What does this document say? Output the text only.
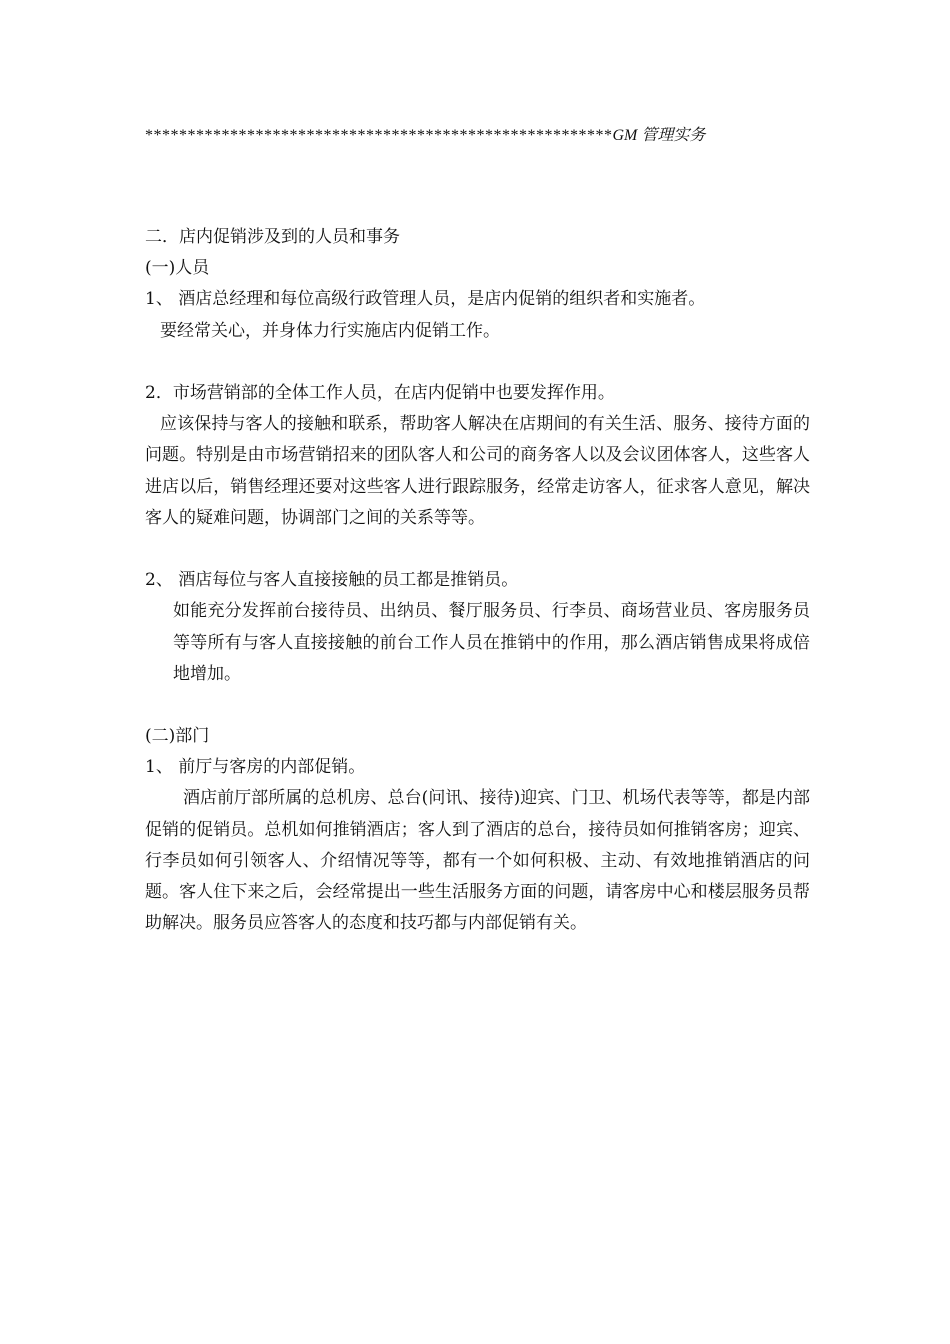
*******************************************************GM 管理实务
二．店内促销涉及到的人员和事务
(一)人员
1、 酒店总经理和每位高级行政管理人员，是店内促销的组织者和实施者。
要经常关心，并身体力行实施店内促销工作。
2．市场营销部的全体工作人员，在店内促销中也要发挥作用。
应该保持与客人的接触和联系，帮助客人解决在店期间的有关生活、服务、接待方面的问题。特别是由市场营销招来的团队客人和公司的商务客人以及会议团体客人，这些客人进店以后，销售经理还要对这些客人进行跟踪服务，经常走访客人，征求客人意见，解决客人的疑难问题，协调部门之间的关系等等。
2、 酒店每位与客人直接接触的员工都是推销员。
如能充分发挥前台接待员、出纳员、餐厅服务员、行李员、商场营业员、客房服务员等等所有与客人直接接触的前台工作人员在推销中的作用，那么酒店销售成果将成倍地增加。
(二)部门
1、 前厅与客房的内部促销。
酒店前厅部所属的总机房、总台(问讯、接待)迎宾、门卫、机场代表等等，都是内部促销的促销员。总机如何推销酒店；客人到了酒店的总台，接待员如何推销客房；迎宾、行李员如何引领客人、介绍情况等等，都有一个如何积极、主动、有效地推销酒店的问题。客人住下来之后，会经常提出一些生活服务方面的问题，请客房中心和楼层服务员帮助解决。服务员应答客人的态度和技巧都与内部促销有关。
